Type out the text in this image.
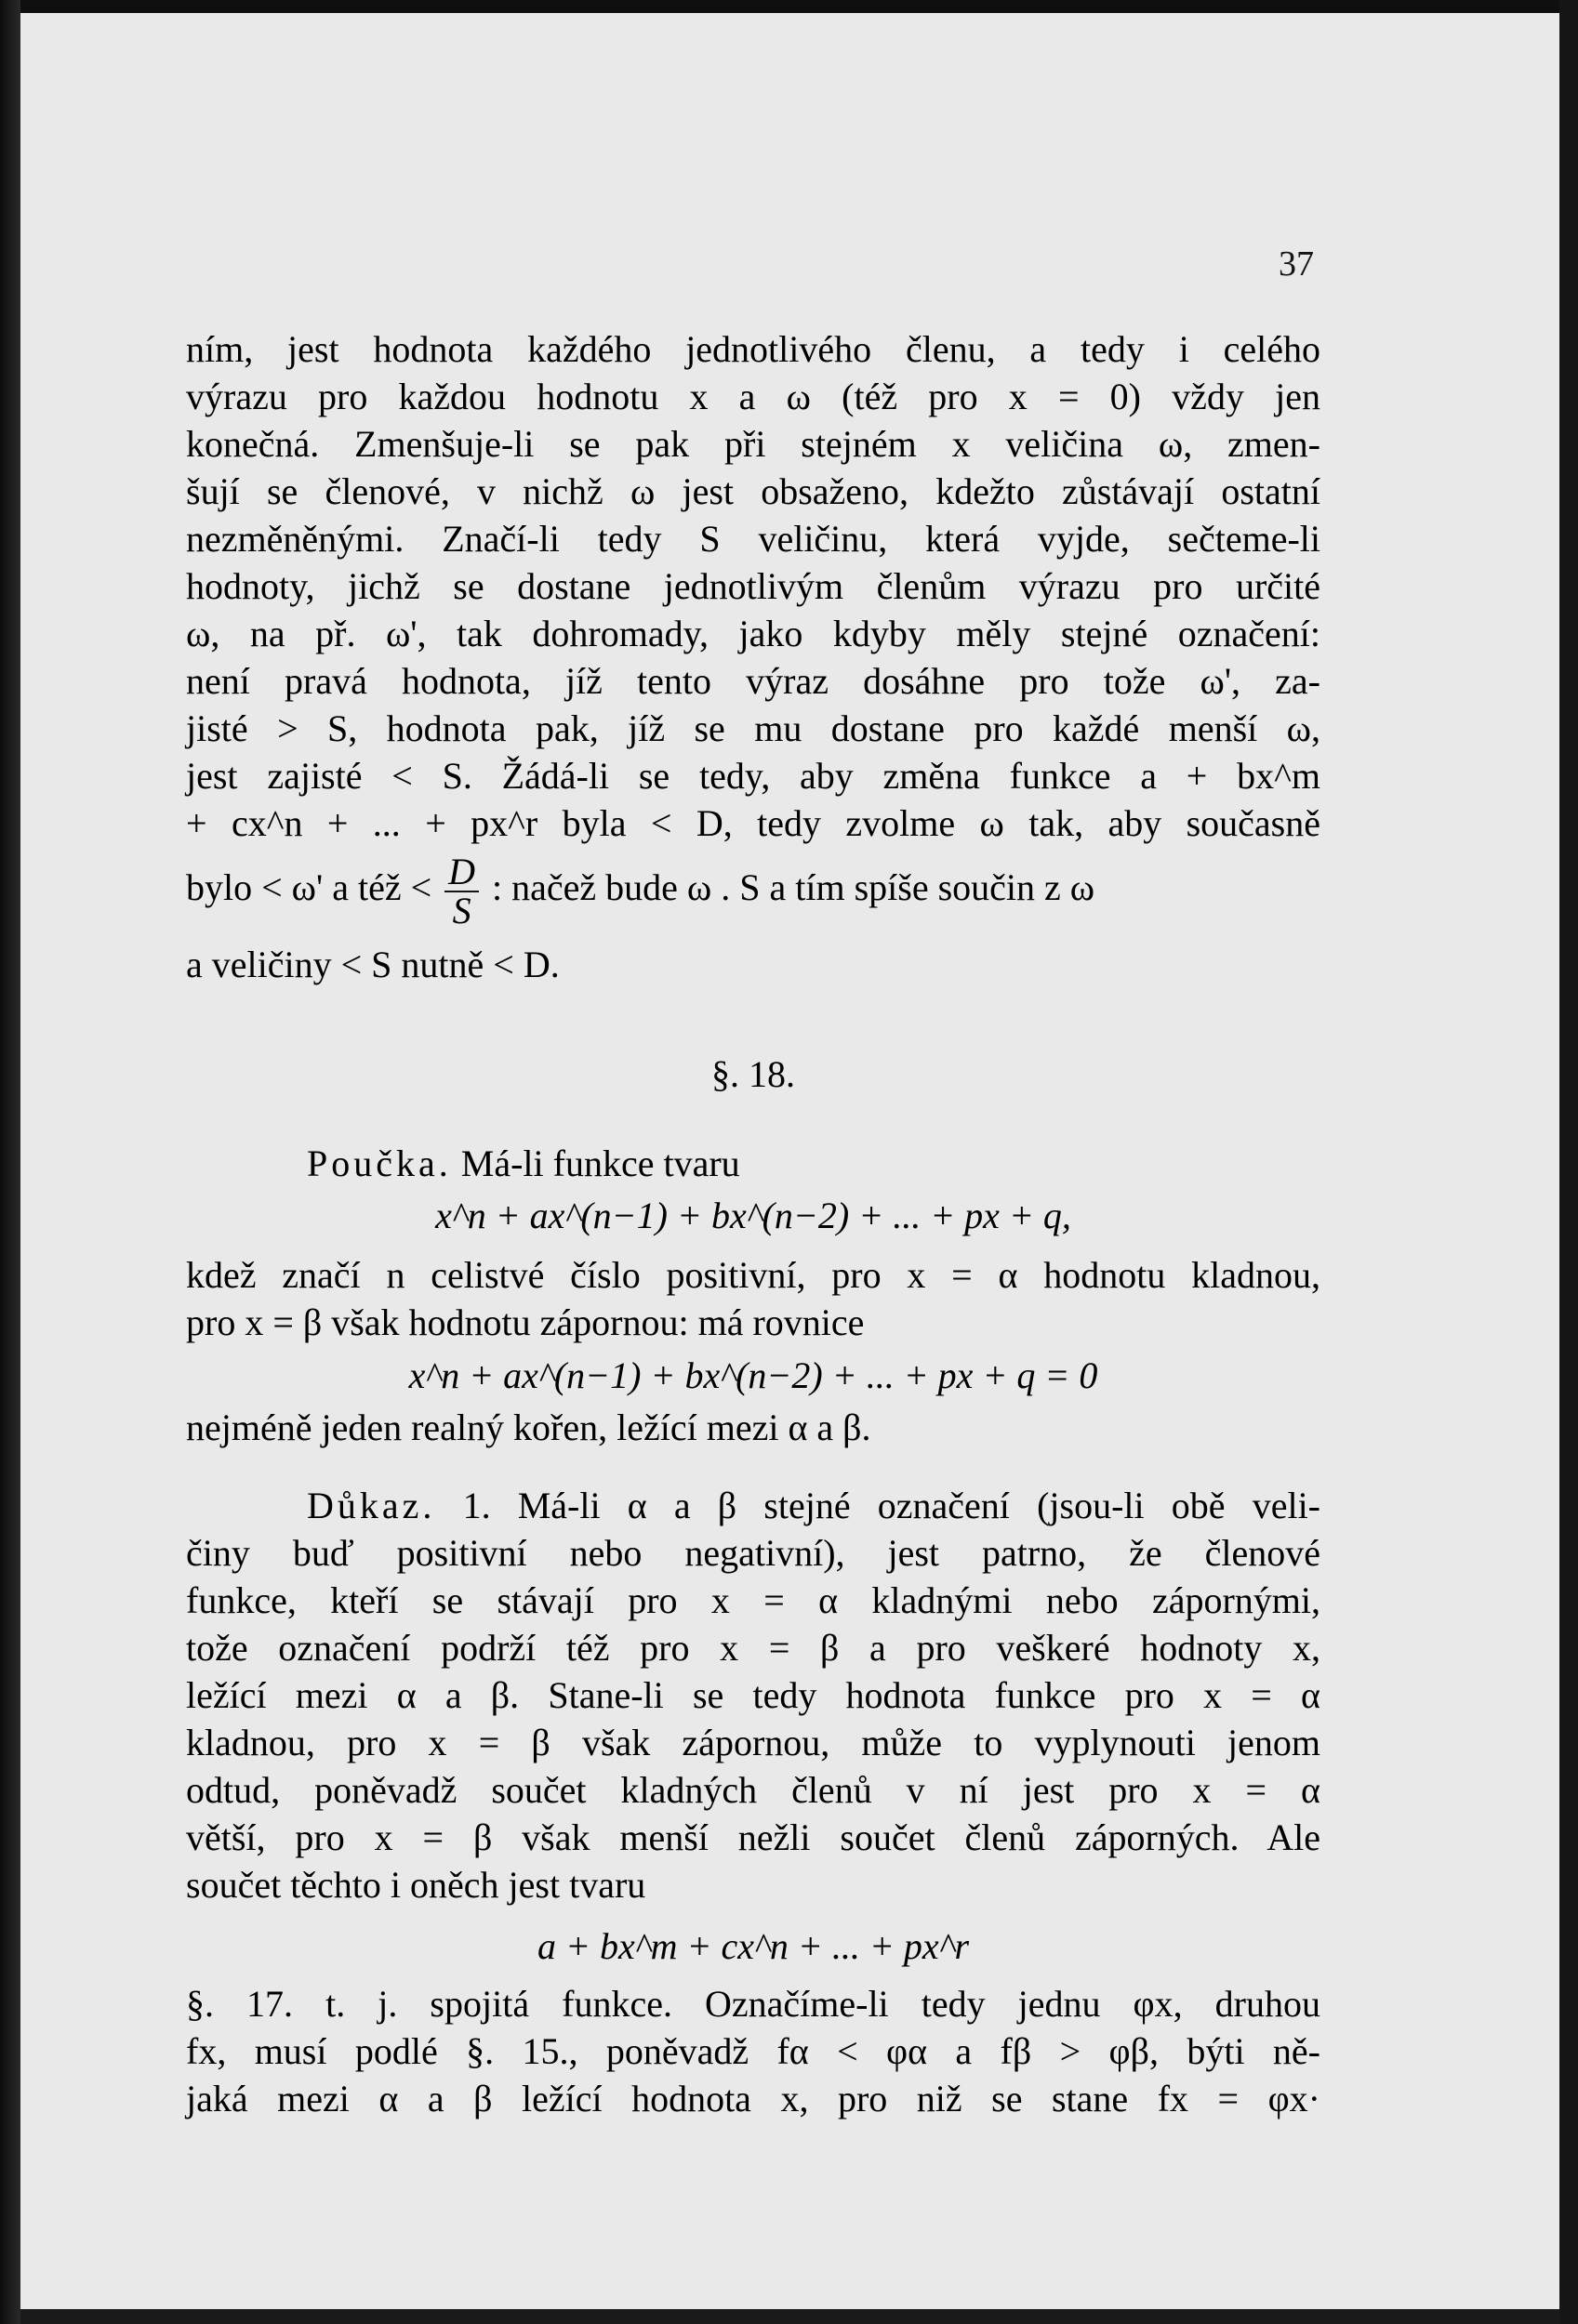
37
ním, jest hodnota každého jednotlivého členu, a tedy i celého
výrazu pro každou hodnotu x a ω (též pro x = 0) vždy jen
konečná. Zmenšuje-li se pak při stejném x veličina ω, zmen-
šují se členové, v nichž ω jest obsaženo, kdežto zůstávají ostatní
nezměněnými. Značí-li tedy S veličinu, která vyjde, sečteme-li
hodnoty, jichž se dostane jednotlivým členům výrazu pro určité
ω, na př. ω', tak dohromady, jako kdyby měly stejné označení:
není pravá hodnota, jíž tento výraz dosáhne pro tože ω', za-
jisté > S, hodnota pak, jíž se mu dostane pro každé menší ω,
jest zajisté < S. Žádá-li se tedy, aby změna funkce a + bx^m
+ cx^n + ... + px^r byla < D, tedy zvolme ω tak, aby současně
bylo < ω' a též < $\frac{D}{S}$ : načež bude ω . S a tím spíše součin z ω
a veličiny < S nutně < D.
§. 18.
Poučka. Má-li funkce tvaru
x^n + ax^(n−1) + bx^(n−2) + ... + px + q,
kdež značí n celistvé číslo positivní, pro x = α hodnotu kladnou,
pro x = β však hodnotu zápornou: má rovnice
x^n + ax^(n−1) + bx^(n−2) + ... + px + q = 0
nejméně jeden realný kořen, ležící mezi α a β.
Důkaz. 1. Má-li α a β stejné označení (jsou-li obě veli-
činy buď positivní nebo negativní), jest patrno, že členové
funkce, kteří se stávají pro x = α kladnými nebo zápornými,
tože označení podrží též pro x = β a pro veškeré hodnoty x,
ležící mezi α a β. Stane-li se tedy hodnota funkce pro x = α
kladnou, pro x = β však zápornou, může to vyplynouti jenom
odtud, poněvadž součet kladných členů v ní jest pro x = α
větší, pro x = β však menší nežli součet členů záporných. Ale
součet těchto i oněch jest tvaru
a + bx^m + cx^n + ... + px^r
§. 17. t. j. spojitá funkce. Označíme-li tedy jednu φx, druhou
fx, musí podlé §. 15., poněvadž fα < φα a fβ > φβ, býti ně-
jaká mezi α a β ležící hodnota x, pro niž se stane fx = φx·
